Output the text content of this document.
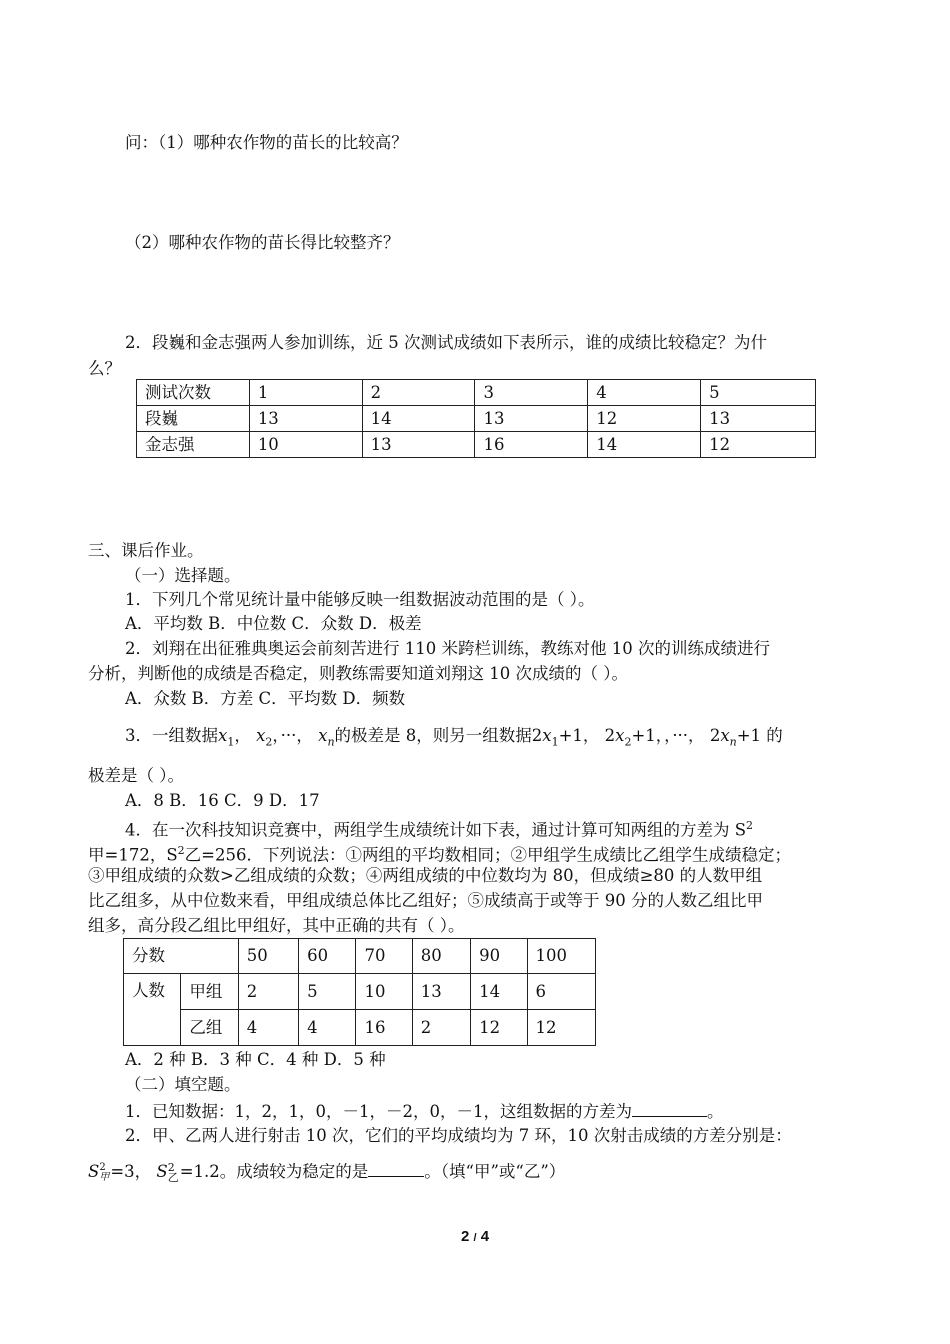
问：（1）哪种农作物的苗长的比较高？
（2）哪种农作物的苗长得比较整齐？
2．段巍和金志强两人参加训练，近 5 次测试成绩如下表所示，谁的成绩比较稳定？为什
么？
测试次数	1	2	3	4	5
段巍	13	14	13	12	13
金志强	10	13	16	14	12
三、课后作业。
（一）选择题。
1．下列几个常见统计量中能够反映一组数据波动范围的是（ ）。
A．平均数 B．中位数 C．众数 D．极差
2．刘翔在出征雅典奥运会前刻苦进行 110 米跨栏训练，教练对他 10 次的训练成绩进行
分析，判断他的成绩是否稳定，则教练需要知道刘翔这 10 次成绩的（ ）。
A．众数 B．方差 C．平均数 D．频数
3．一组数据$x_1$， $x_2$，···， $x_n$的极差是 8，则另一组数据$2x_1+1$， $2x_2+1$，，···， $2x_n+1$ 的
极差是（ ）。
A．8 B．16 C．9 D．17
4．在一次科技知识竞赛中，两组学生成绩统计如下表，通过计算可知两组的方差为 $S^2$
甲=172，$S^2$乙=256．下列说法：①两组的平均数相同；②甲组学生成绩比乙组学生成绩稳定；
③甲组成绩的众数>乙组成绩的众数；④两组成绩的中位数均为 80，但成绩≥80 的人数甲组
比乙组多，从中位数来看，甲组成绩总体比乙组好；⑤成绩高于或等于 90 分的人数乙组比甲
组多，高分段乙组比甲组好，其中正确的共有（ ）。
分数		50	60	70	80	90	100
人数	甲组	2	5	10	13	14	6
	乙组	4	4	16	2	12	12
A．2 种 B．3 种 C．4 种 D．5 种
（二）填空题。
1．已知数据：1，2，1，0，－1，－2，0，－1，这组数据的方差为	。
2．甲、乙两人进行射击 10 次，它们的平均成绩均为 7 环，10 次射击成绩的方差分别是：
S 2
甲 =3， S 2
乙 =1.2。成绩较为稳定的是	。（填“甲”或“乙”）
2 / 4
